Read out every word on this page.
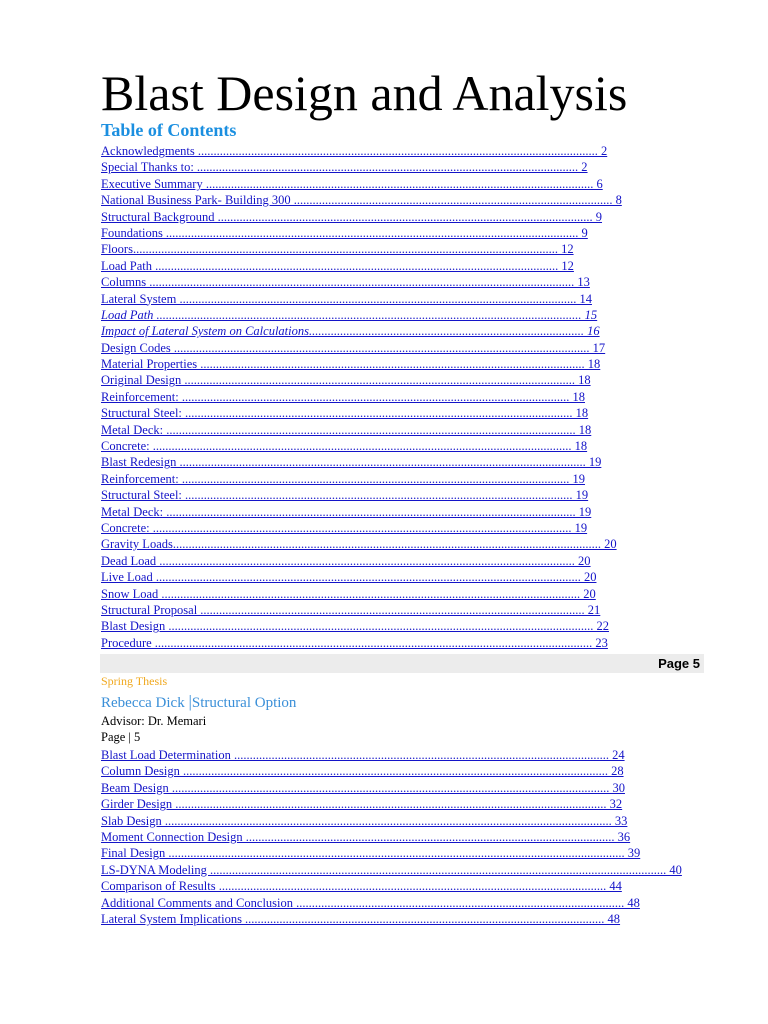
Blast Design and Analysis
Table of Contents
Acknowledgments ................................................................................................................................ 2
Special Thanks to: .......................................................................................................................... 2
Executive Summary ............................................................................................................................ 6
National Business Park- Building 300 ...................................................................................................... 8
Structural Background ........................................................................................................................ 9
Foundations .................................................................................................................................... 9
Floors........................................................................................................................................ 12
Load Path ................................................................................................................................. 12
Columns ........................................................................................................................................ 13
Lateral System ............................................................................................................................... 14
Load Path ........................................................................................................................................ 15
Impact of Lateral System on Calculations........................................................................................ 16
Design Codes ..................................................................................................................................... 17
Material Properties ........................................................................................................................... 18
Original Design ............................................................................................................................. 18
Reinforcement: ............................................................................................................................ 18
Structural Steel: ............................................................................................................................ 18
Metal Deck: ................................................................................................................................... 18
Concrete: ...................................................................................................................................... 18
Blast Redesign .................................................................................................................................. 19
Reinforcement: ............................................................................................................................ 19
Structural Steel: ............................................................................................................................ 19
Metal Deck: ................................................................................................................................... 19
Concrete: ...................................................................................................................................... 19
Gravity Loads......................................................................................................................................... 20
Dead Load ..................................................................................................................................... 20
Live Load ........................................................................................................................................ 20
Snow Load ...................................................................................................................................... 20
Structural Proposal ........................................................................................................................... 21
Blast Design ........................................................................................................................................ 22
Procedure ............................................................................................................................................ 23
Page 5
Spring Thesis
Rebecca Dick |Structural Option
Advisor: Dr. Memari
Page | 5
Blast Load Determination ........................................................................................................................ 24
Column Design ........................................................................................................................................ 28
Beam Design ............................................................................................................................................ 30
Girder Design .......................................................................................................................................... 32
Slab Design ............................................................................................................................................... 33
Moment Connection Design ...................................................................................................................... 36
Final Design .................................................................................................................................................. 39
LS-DYNA Modeling .................................................................................................................................................. 40
Comparison of Results ............................................................................................................................ 44
Additional Comments and Conclusion ......................................................................................................... 48
Lateral System Implications ................................................................................................................... 48
